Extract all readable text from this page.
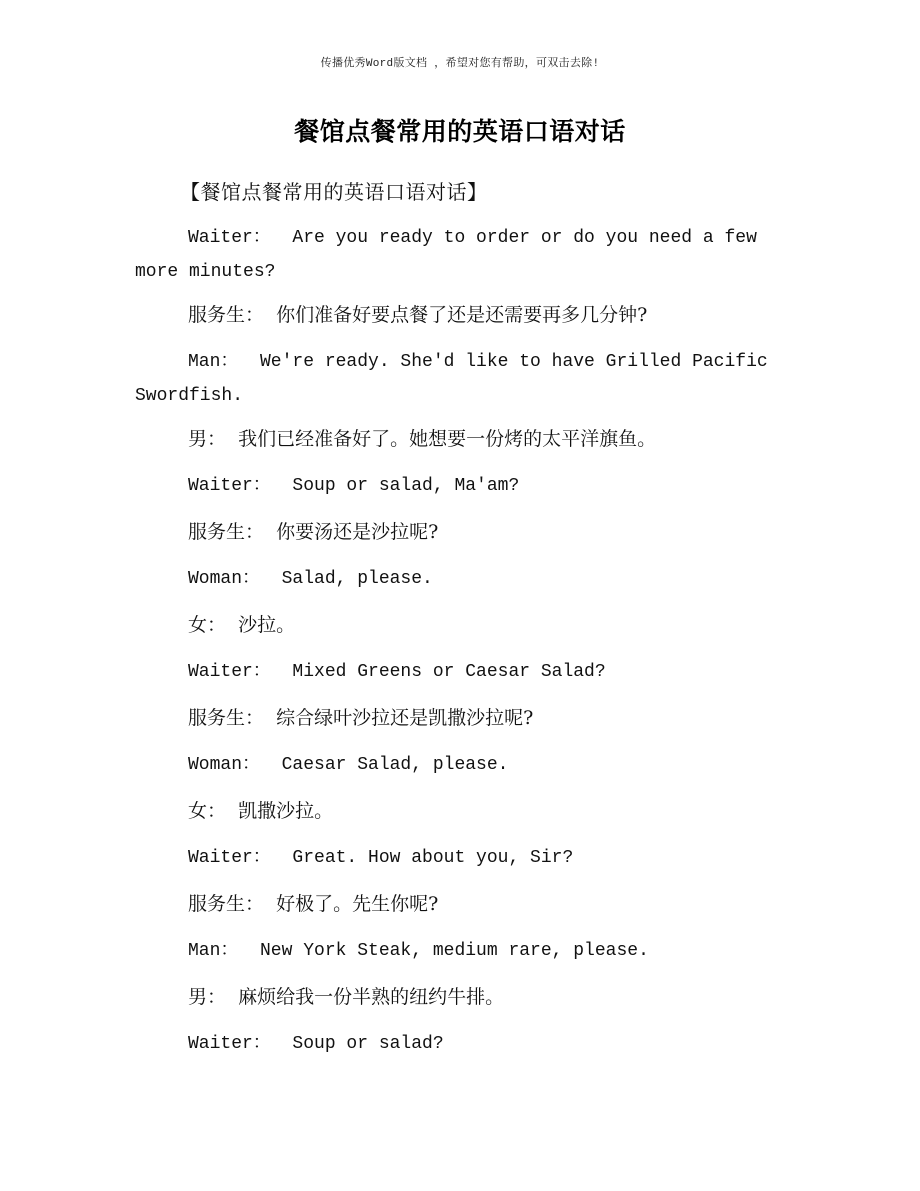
传播优秀Word版文档 ，希望对您有帮助，可双击去除!
餐馆点餐常用的英语口语对话
【餐馆点餐常用的英语口语对话】

Waiter：  Are you ready to order or do you need a few

more minutes?

服务生：  你们准备好要点餐了还是还需要再多几分钟?

Man：  We're ready. She'd like to have Grilled Pacific

Swordfish.

男：  我们已经准备好了。她想要一份烤的太平洋旗鱼。

Waiter：  Soup or salad, Ma'am?

服务生：  你要汤还是沙拉呢?

Woman：  Salad, please.

女：  沙拉。

Waiter：  Mixed Greens or Caesar Salad?

服务生：  综合绿叶沙拉还是凯撒沙拉呢?

Woman：  Caesar Salad, please.

女：  凯撒沙拉。

Waiter：  Great. How about you, Sir?

服务生：  好极了。先生你呢?

Man：  New York Steak, medium rare, please.

男：  麻烦给我一份半熟的纽约牛排。

Waiter：  Soup or salad?
